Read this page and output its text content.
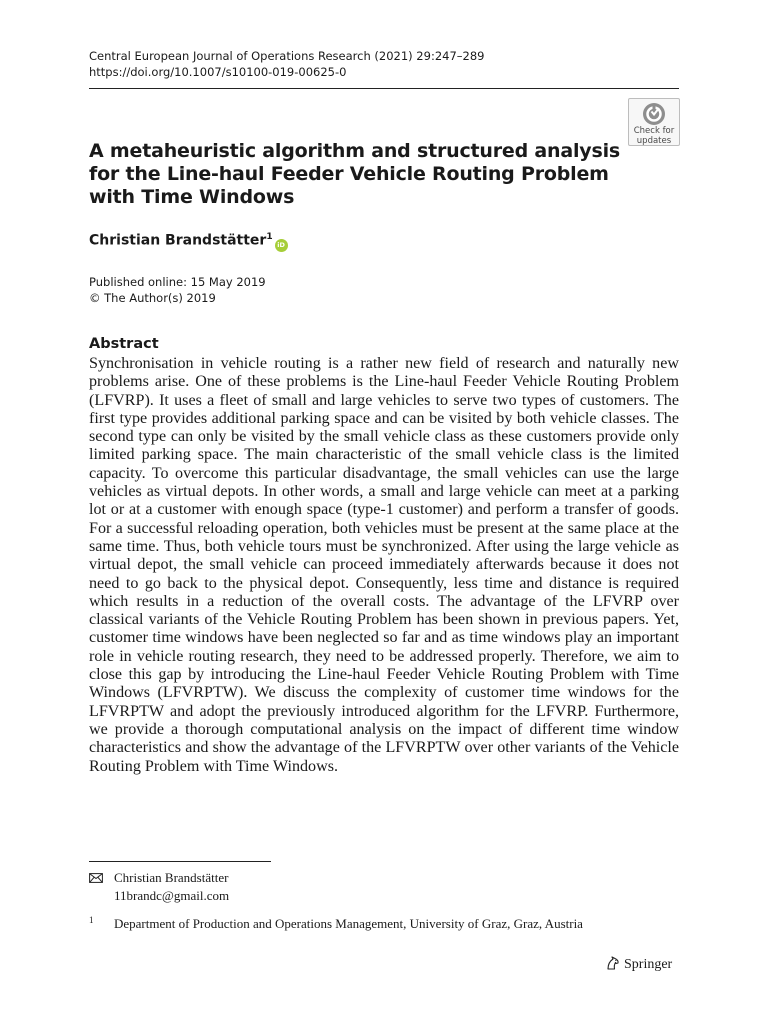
Central European Journal of Operations Research (2021) 29:247–289
https://doi.org/10.1007/s10100-019-00625-0
Check for
updates
A metaheuristic algorithm and structured analysis for the Line-haul Feeder Vehicle Routing Problem with Time Windows
Christian Brandstätter$^1$iD
Published online: 15 May 2019
© The Author(s) 2019
Abstract
Synchronisation in vehicle routing is a rather new field of research and naturally new problems arise. One of these problems is the Line-haul Feeder Vehicle Routing Problem (LFVRP). It uses a fleet of small and large vehicles to serve two types of customers. The first type provides additional parking space and can be visited by both vehicle classes. The second type can only be visited by the small vehicle class as these customers provide only limited parking space. The main characteristic of the small vehicle class is the limited capacity. To overcome this particular disadvantage, the small vehicles can use the large vehicles as virtual depots. In other words, a small and large vehicle can meet at a parking lot or at a customer with enough space (type-1 customer) and perform a transfer of goods. For a successful reloading operation, both vehicles must be present at the same place at the same time. Thus, both vehicle tours must be synchronized. After using the large vehicle as virtual depot, the small vehicle can proceed immediately afterwards because it does not need to go back to the physical depot. Consequently, less time and distance is required which results in a reduction of the overall costs. The advantage of the LFVRP over classical variants of the Vehicle Routing Problem has been shown in previous papers. Yet, customer time windows have been neglected so far and as time windows play an important role in vehicle routing research, they need to be addressed properly. Therefore, we aim to close this gap by introducing the Line-haul Feeder Vehicle Routing Problem with Time Windows (LFVRPTW). We discuss the complexity of customer time windows for the LFVRPTW and adopt the previously introduced algorithm for the LFVRP. Furthermore, we provide a thorough computational analysis on the impact of different time window characteristics and show the advantage of the LFVRPTW over other variants of the Vehicle Routing Problem with Time Windows.
Christian Brandstätter
11brandc@gmail.com
1 Department of Production and Operations Management, University of Graz, Graz, Austria
Springer
